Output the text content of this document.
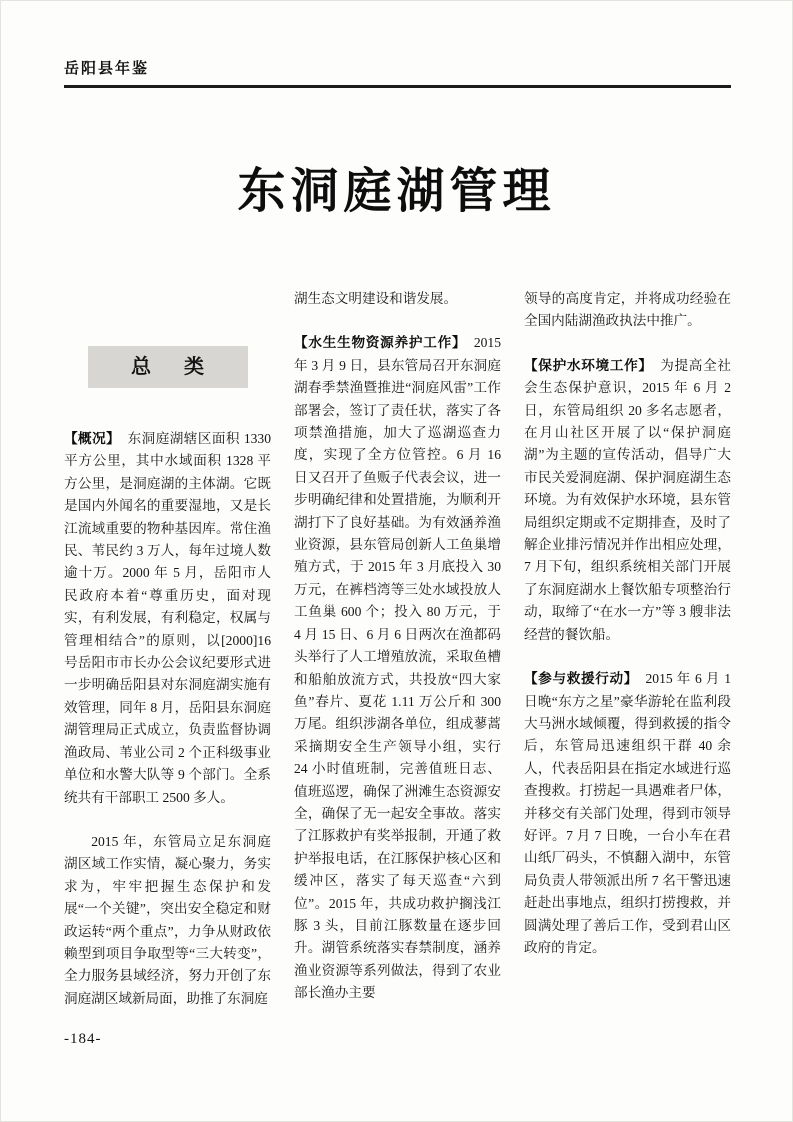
岳阳县年鉴
东洞庭湖管理
总 类

【概况】 东洞庭湖辖区面积 1330 平方公里，其中水域面积 1328 平方公里，是洞庭湖的主体湖。它既是国内外闻名的重要湿地，又是长江流域重要的物种基因库。常住渔民、苇民约 3 万人，每年过境人数逾十万。2000 年 5 月，岳阳市人民政府本着“尊重历史，面对现实，有利发展，有利稳定，权属与管理相结合”的原则，以[2000]16 号岳阳市市长办公会议纪要形式进一步明确岳阳县对东洞庭湖实施有效管理，同年 8 月，岳阳县东洞庭湖管理局正式成立，负责监督协调渔政局、苇业公司 2 个正科级事业单位和水警大队等 9 个部门。全系统共有干部职工 2500 多人。

2015 年，东管局立足东洞庭湖区域工作实情，凝心聚力，务实求为，牢牢把握生态保护和发展“一个关键”，突出安全稳定和财政运转“两个重点”，力争从财政依赖型到项目争取型等“三大转变”，全力服务县域经济，努力开创了东洞庭湖区域新局面，助推了东洞庭

湖生态文明建设和谐发展。

【水生生物资源养护工作】 2015 年 3 月 9 日，县东管局召开东洞庭湖春季禁渔暨推进“洞庭风雷”工作部署会，签订了责任状，落实了各项禁渔措施，加大了巡湖巡查力度，实现了全方位管控。6 月 16 日又召开了鱼贩子代表会议，进一步明确纪律和处置措施，为顺利开湖打下了良好基础。为有效涵养渔业资源，县东管局创新人工鱼巢增殖方式，于 2015 年 3 月底投入 30 万元，在裤档湾等三处水域投放人工鱼巢 600 个；投入 80 万元，于 4 月 15 日、6 月 6 日两次在渔都码头举行了人工增殖放流，采取鱼槽和船舶放流方式，共投放“四大家鱼”春片、夏花 1.11 万公斤和 300 万尾。组织涉湖各单位，组成蓼蒿采摘期安全生产领导小组，实行 24 小时值班制，完善值班日志、值班巡逻，确保了洲滩生态资源安全，确保了无一起安全事故。落实了江豚救护有奖举报制，开通了救护举报电话，在江豚保护核心区和缓冲区，落实了每天巡查“六到位”。2015 年，共成功救护搁浅江豚 3 头，目前江豚数量在逐步回升。湖管系统落实春禁制度，涵养渔业资源等系列做法，得到了农业部长渔办主要

领导的高度肯定，并将成功经验在全国内陆湖渔政执法中推广。

【保护水环境工作】 为提高全社会生态保护意识，2015 年 6 月 2 日，东管局组织 20 多名志愿者，在月山社区开展了以“保护洞庭湖”为主题的宣传活动，倡导广大市民关爱洞庭湖、保护洞庭湖生态环境。为有效保护水环境，县东管局组织定期或不定期排查，及时了解企业排污情况并作出相应处理，7 月下旬，组织系统相关部门开展了东洞庭湖水上餐饮船专项整治行动，取缔了“在水一方”等 3 艘非法经营的餐饮船。

【参与救援行动】 2015 年 6 月 1 日晚“东方之星”豪华游轮在监利段大马洲水域倾覆，得到救援的指令后，东管局迅速组织干群 40 余人，代表岳阳县在指定水域进行巡查搜救。打捞起一具遇难者尸体，并移交有关部门处理，得到市领导好评。7 月 7 日晚，一台小车在君山纸厂码头，不慎翻入湖中，东管局负责人带领派出所 7 名干警迅速赶赴出事地点，组织打捞搜救，并圆满处理了善后工作，受到君山区政府的肯定。

-184-
